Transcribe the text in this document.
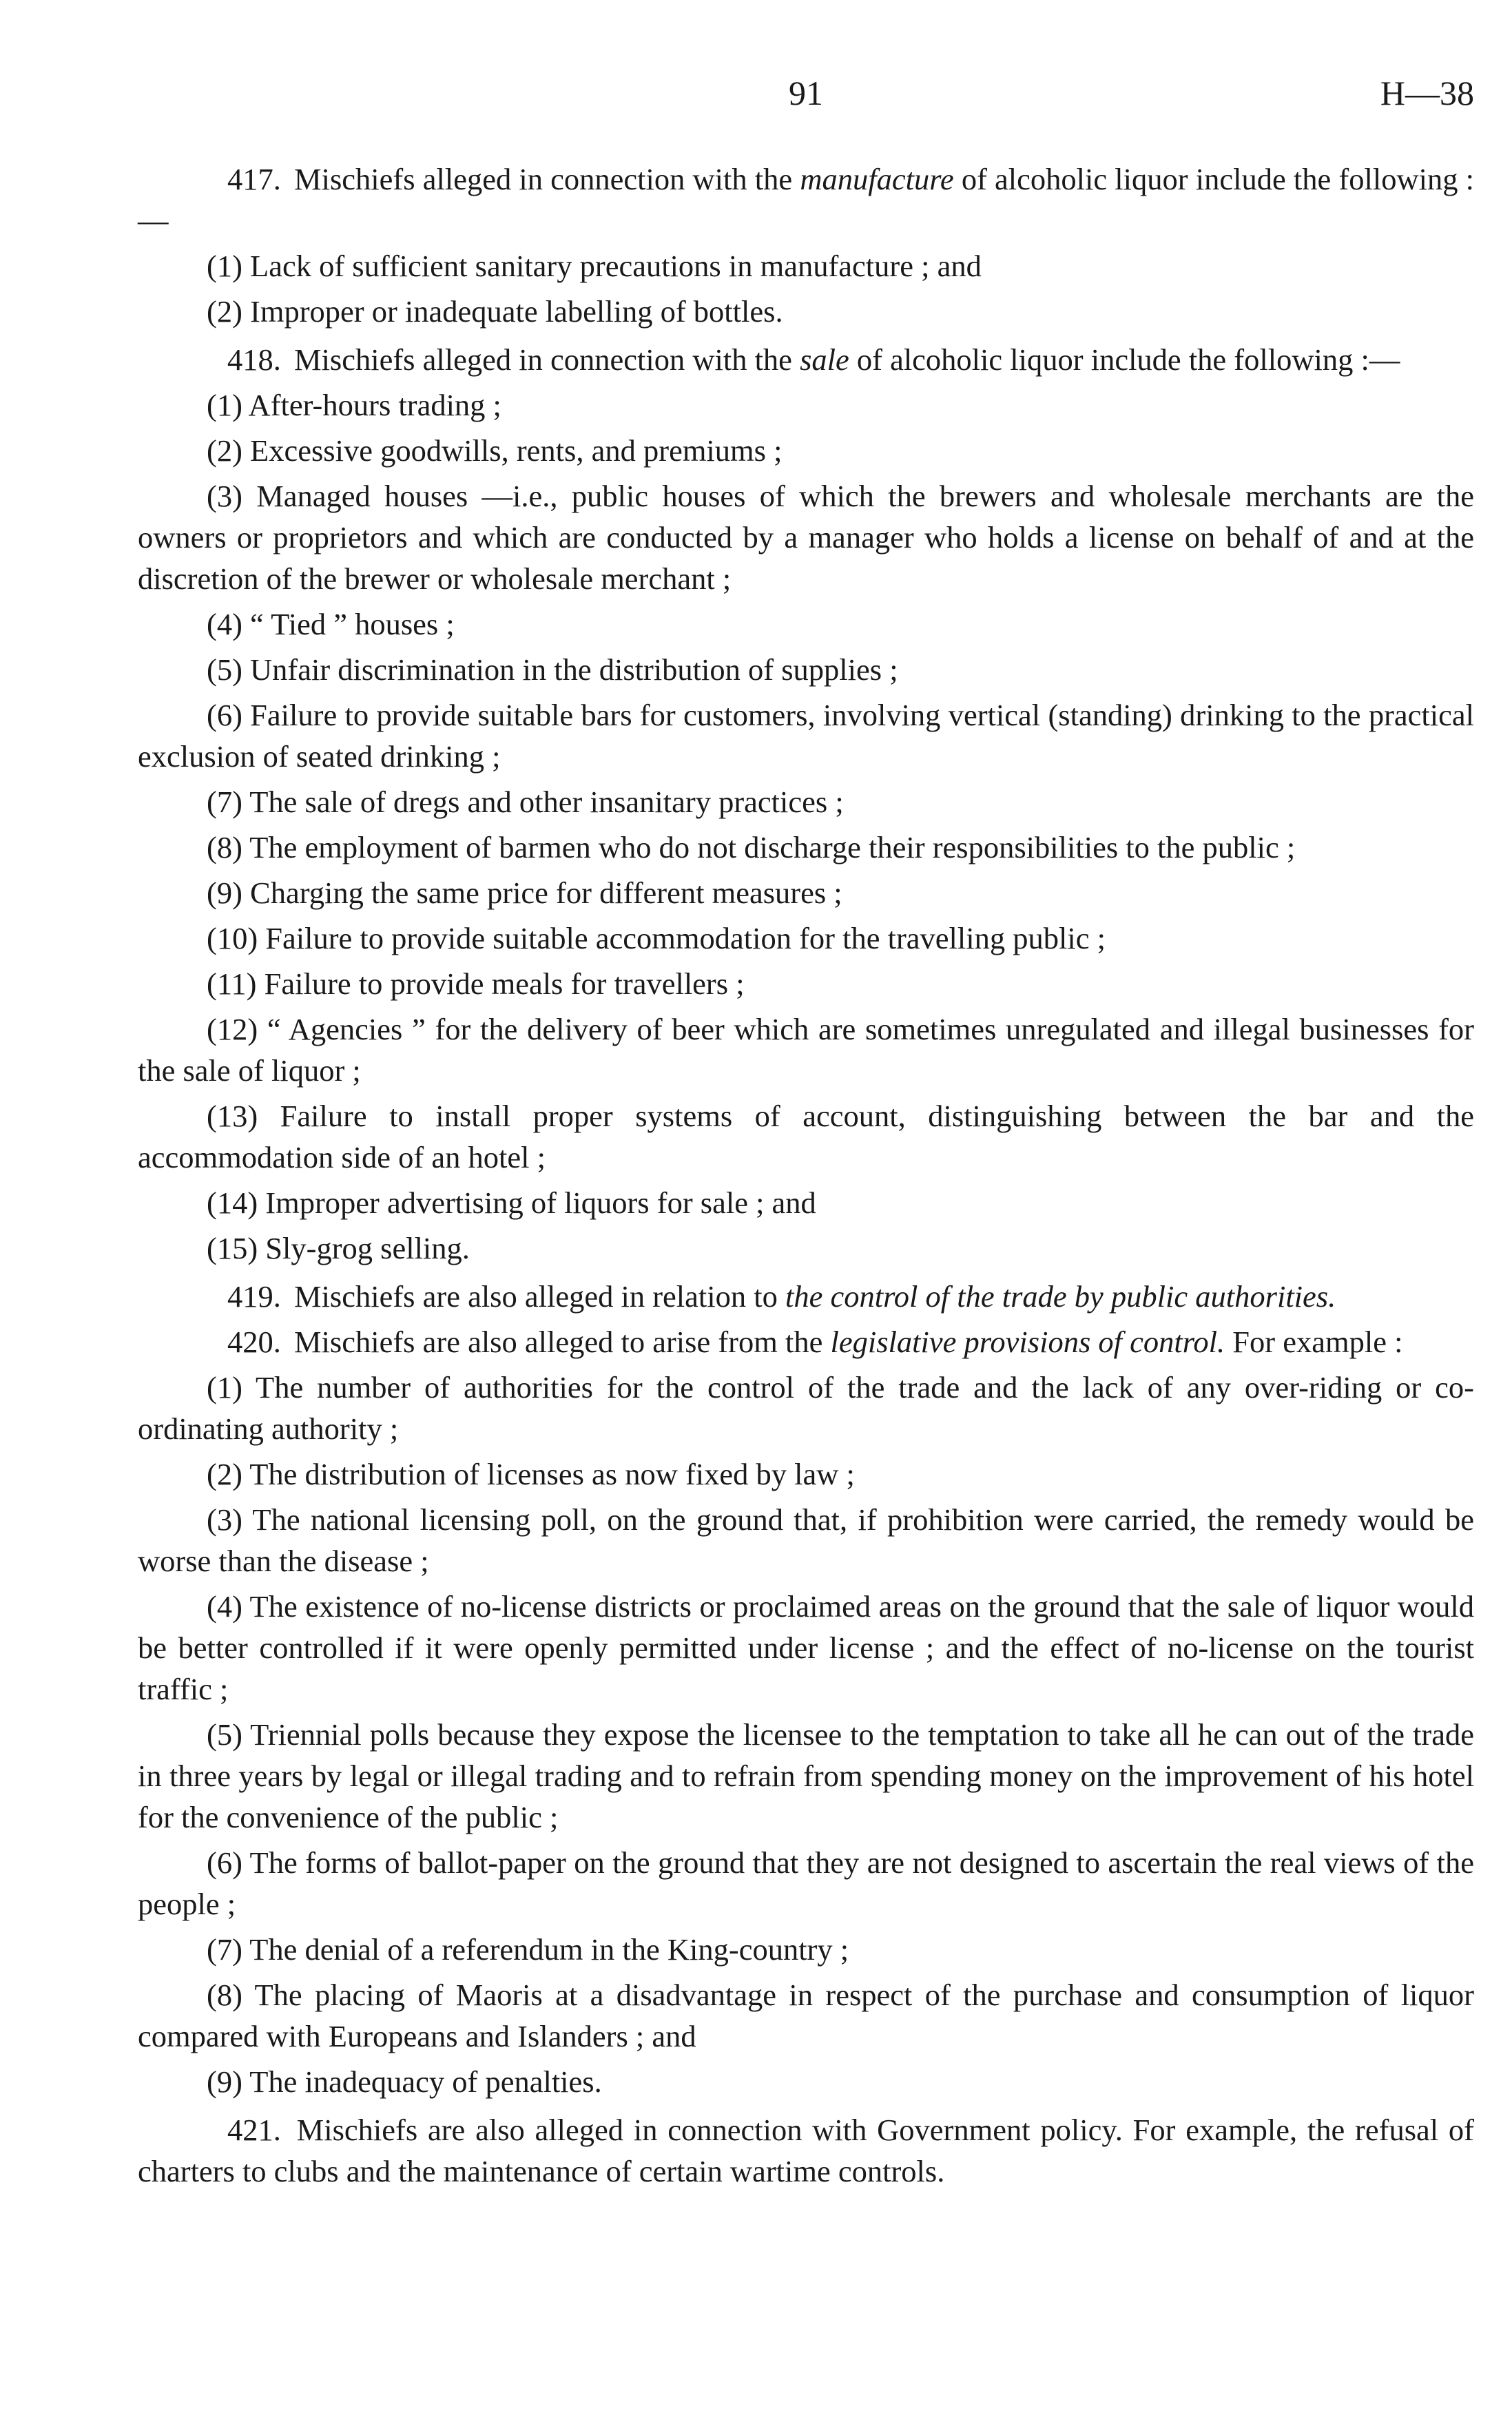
91	H—38

417. Mischiefs alleged in connection with the manufacture of alcoholic liquor include the following :—

(1) Lack of sufficient sanitary precautions in manufacture ; and

(2) Improper or inadequate labelling of bottles.

418. Mischiefs alleged in connection with the sale of alcoholic liquor include the following :—

(1) After-hours trading ;

(2) Excessive goodwills, rents, and premiums ;

(3) Managed houses —i.e., public houses of which the brewers and wholesale merchants are the owners or proprietors and which are conducted by a manager who holds a license on behalf of and at the discretion of the brewer or wholesale merchant ;

(4) “ Tied ” houses ;

(5) Unfair discrimination in the distribution of supplies ;

(6) Failure to provide suitable bars for customers, involving vertical (standing) drinking to the practical exclusion of seated drinking ;

(7) The sale of dregs and other insanitary practices ;

(8) The employment of barmen who do not discharge their responsibilities to the public ;

(9) Charging the same price for different measures ;

(10) Failure to provide suitable accommodation for the travelling public ;

(11) Failure to provide meals for travellers ;

(12) “ Agencies ” for the delivery of beer which are sometimes unregulated and illegal businesses for the sale of liquor ;

(13) Failure to install proper systems of account, distinguishing between the bar and the accommodation side of an hotel ;

(14) Improper advertising of liquors for sale ; and

(15) Sly-grog selling.

419. Mischiefs are also alleged in relation to the control of the trade by public authorities.

420. Mischiefs are also alleged to arise from the legislative provisions of control. For example :

(1) The number of authorities for the control of the trade and the lack of any over-riding or co-ordinating authority ;

(2) The distribution of licenses as now fixed by law ;

(3) The national licensing poll, on the ground that, if prohibition were carried, the remedy would be worse than the disease ;

(4) The existence of no-license districts or proclaimed areas on the ground that the sale of liquor would be better controlled if it were openly permitted under license ; and the effect of no-license on the tourist traffic ;

(5) Triennial polls because they expose the licensee to the temptation to take all he can out of the trade in three years by legal or illegal trading and to refrain from spending money on the improvement of his hotel for the convenience of the public ;

(6) The forms of ballot-paper on the ground that they are not designed to ascertain the real views of the people ;

(7) The denial of a referendum in the King-country ;

(8) The placing of Maoris at a disadvantage in respect of the purchase and consumption of liquor compared with Europeans and Islanders ; and

(9) The inadequacy of penalties.

421. Mischiefs are also alleged in connection with Government policy. For example, the refusal of charters to clubs and the maintenance of certain wartime controls.
